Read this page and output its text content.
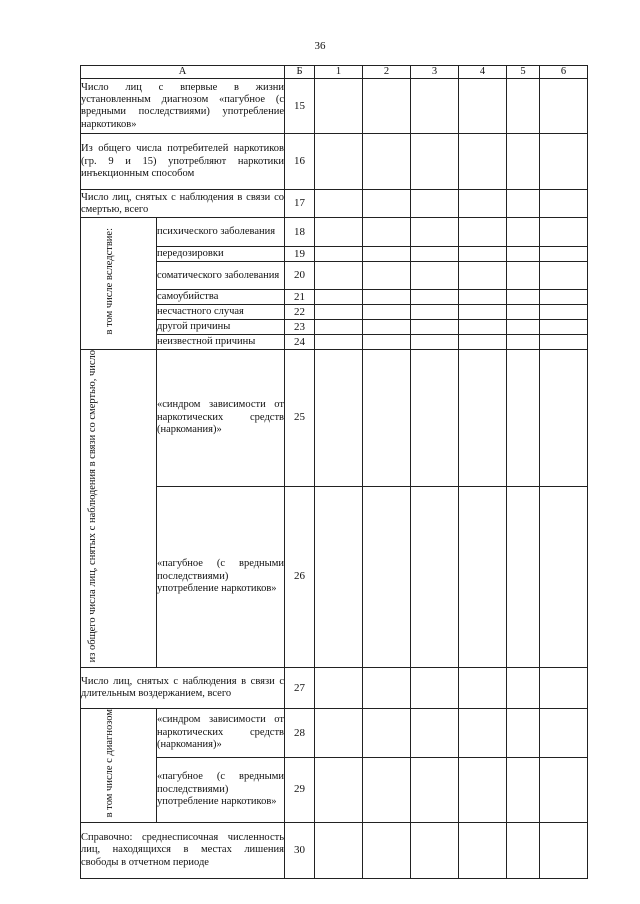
36
А		Б	1	2	3	4	5	6
Число лиц с впервые в жизни установленным диагнозом «пагубное (с вредными последствиями) употребление наркотиков»		15						
Из общего числа потребителей наркотиков (гр. 9 и 15) употребляют наркотики инъекционным способом		16						
Число лиц, снятых с наблюдения в связи со смертью, всего		17						
в том числе вследствие:	психического заболевания	18						
	передозировки	19						
	соматического заболевания	20						
	самоубийства	21						
	несчастного случая	22						
	другой причины	23						
	неизвестной причины	24						
из общего числа лиц, снятых с наблюдения в связи со смертью, число	«синдром зависимости от наркотических средств (наркомания)»	25						
	«пагубное (с вредными последствиями) употребление наркотиков»	26						
Число лиц, снятых с наблюдения в связи с длительным воздержанием, всего		27						
в том числе с диагнозом	«синдром зависимости от наркотических средств (наркомания)»	28						
	«пагубное (с вредными последствиями) употребление наркотиков»	29						
Справочно: среднесписочная численность лиц, находящихся в местах лишения свободы в отчетном периоде		30						
